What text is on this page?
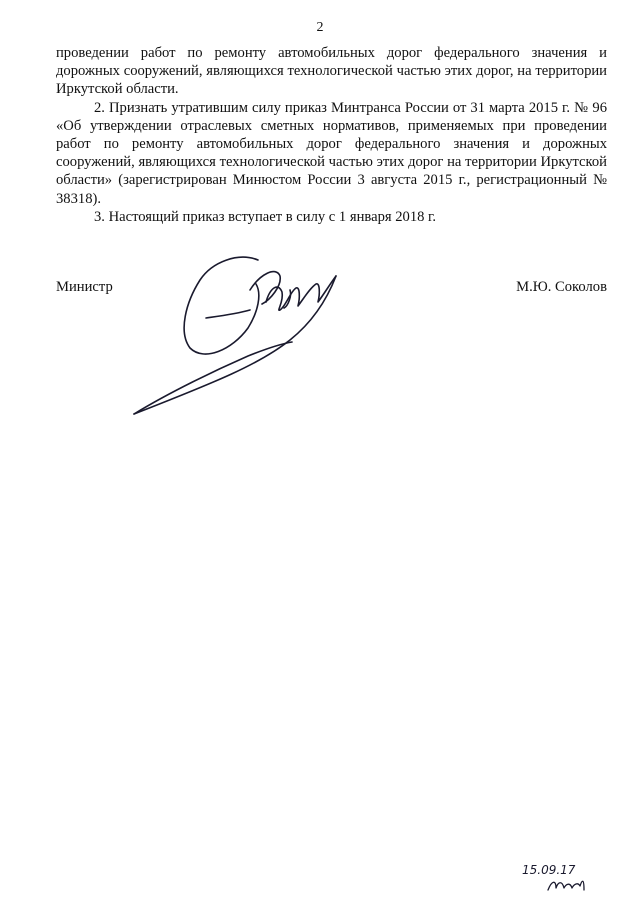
2

проведении работ по ремонту автомобильных дорог федерального значения и дорожных сооружений, являющихся технологической частью этих дорог, на территории Иркутской области.

2. Признать утратившим силу приказ Минтранса России от 31 марта 2015 г. № 96 «Об утверждении отраслевых сметных нормативов, применяемых при проведении работ по ремонту автомобильных дорог федерального значения и дорожных сооружений, являющихся технологической частью этих дорог на территории Иркутской области» (зарегистрирован Минюстом России 3 августа 2015 г., регистрационный № 38318).

3. Настоящий приказ вступает в силу с 1 января 2018 г.

Министр	М.Ю. Соколов
15.09.17
